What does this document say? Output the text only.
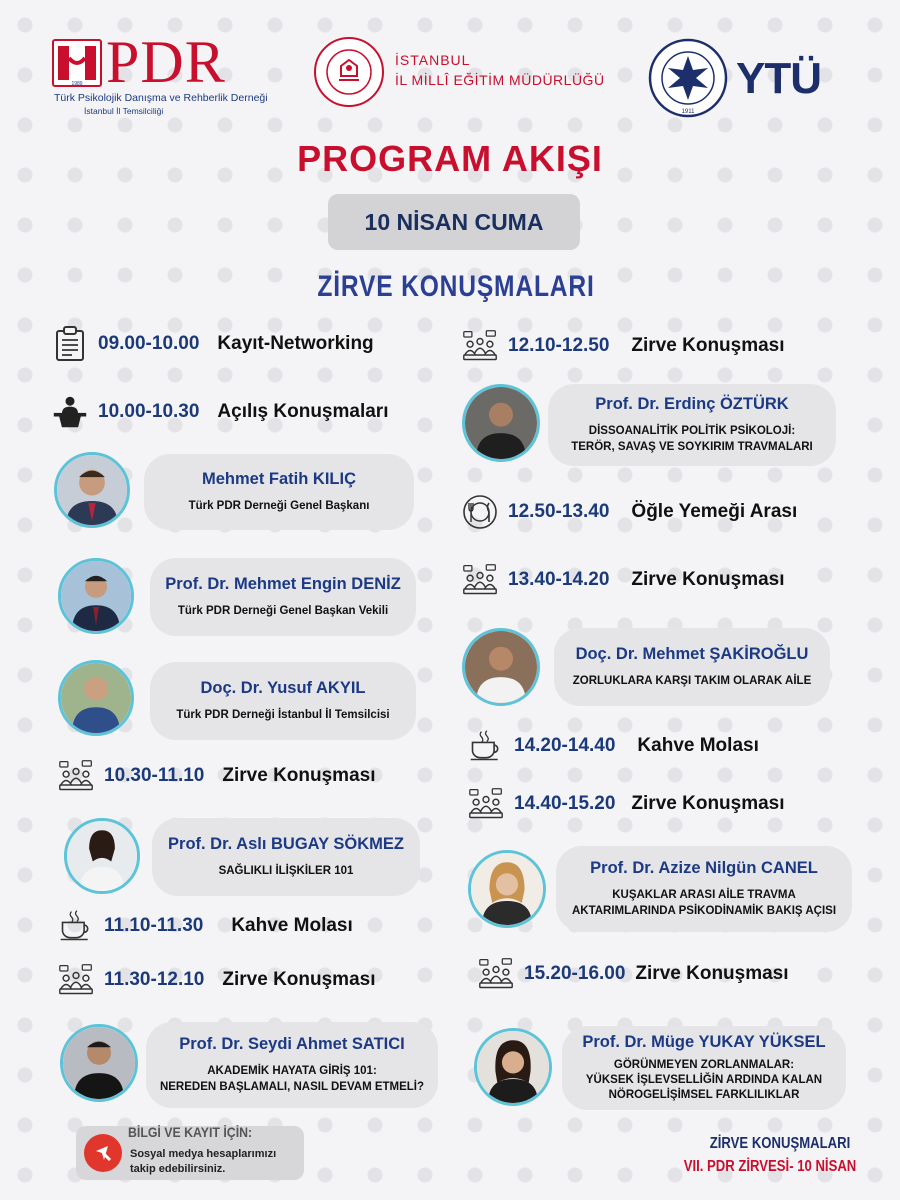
1989 PDR
Türk Psikolojik Danışma ve Rehberlik Derneği
İstanbul İl Temsilciliği
İSTANBUL
İL MİLLÎ EĞİTİM MÜDÜRLÜĞÜ
1911
YTÜ
PROGRAM AKIŞI
10 NİSAN CUMA
ZİRVE KONUŞMALARI
09.00-10.00 Kayıt-Networking
10.00-10.30 Açılış Konuşmaları
Mehmet Fatih KILIÇ
Türk PDR Derneği Genel Başkanı
Prof. Dr. Mehmet Engin DENİZ
Türk PDR Derneği Genel Başkan Vekili
Doç. Dr. Yusuf AKYIL
Türk PDR Derneği İstanbul İl Temsilcisi
10.30-11.10 Zirve Konuşması
Prof. Dr. Aslı BUGAY SÖKMEZ
SAĞLIKLI İLİŞKİLER 101
11.10-11.30 Kahve Molası
11.30-12.10 Zirve Konuşması
Prof. Dr. Seydi Ahmet SATICI
AKADEMİK HAYATA GİRİŞ 101:
NEREDEN BAŞLAMALI, NASIL DEVAM ETMELİ?
12.10-12.50 Zirve Konuşması
Prof. Dr. Erdinç ÖZTÜRK
DİSSOANALİTİK POLİTİK PSİKOLOJİ:
TERÖR, SAVAŞ VE SOYKIRIM TRAVMALARI
12.50-13.40 Öğle Yemeği Arası
13.40-14.20 Zirve Konuşması
Doç. Dr. Mehmet ŞAKİROĞLU
ZORLUKLARA KARŞI TAKIM OLARAK AİLE
14.20-14.40 Kahve Molası
14.40-15.20 Zirve Konuşması
Prof. Dr. Azize Nilgün CANEL
KUŞAKLAR ARASI AİLE TRAVMA
AKTARIMLARINDA PSİKODİNAMİK BAKIŞ AÇISI
15.20-16.00 Zirve Konuşması
Prof. Dr. Müge YUKAY YÜKSEL
GÖRÜNMEYEN ZORLANMALAR:
YÜKSEK İŞLEVSELLİĞİN ARDINDA KALAN
NÖROGELİŞİMSEL FARKLILIKLAR
BİLGİ VE KAYIT İÇİN:
Sosyal medya hesaplarımızı
takip edebilirsiniz.
ZİRVE KONUŞMALARI
VII. PDR ZİRVESİ- 10 NİSAN
